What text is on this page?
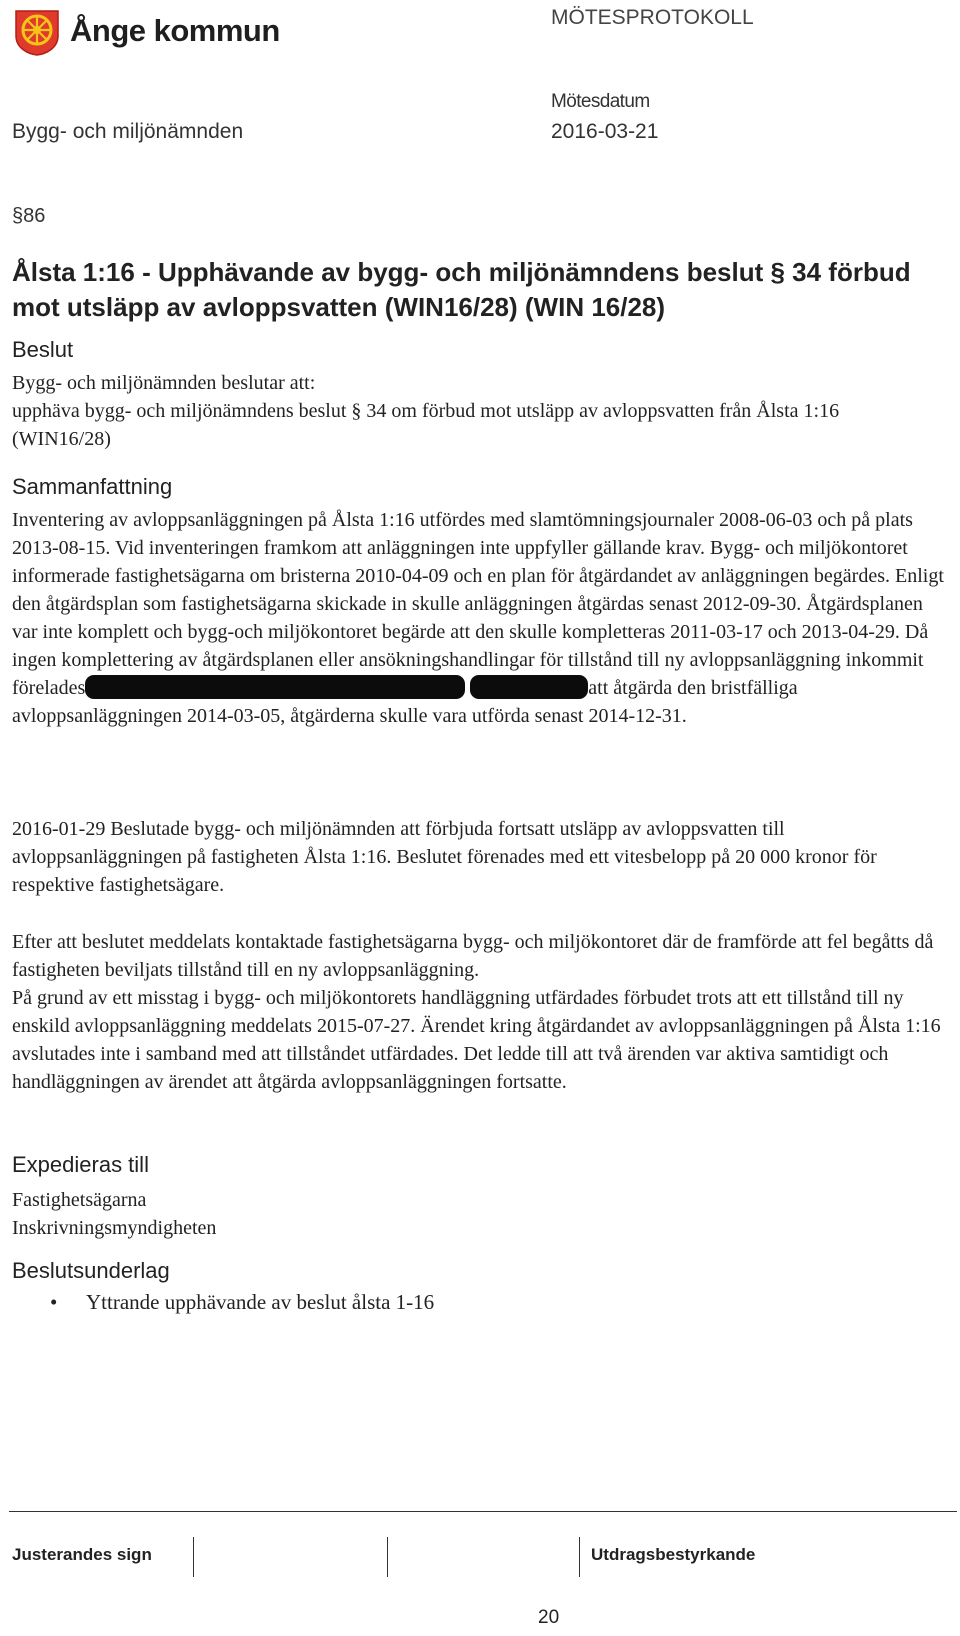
Ånge kommun	MÖTESPROTOKOLL
Mötesdatum
Bygg- och miljönämnden	2016-03-21
§86
Ålsta 1:16 - Upphävande av bygg- och miljönämndens beslut § 34 förbud mot utsläpp av avloppsvatten (WIN16/28) (WIN 16/28)
Beslut

Bygg- och miljönämnden beslutar att:

upphäva bygg- och miljönämndens beslut § 34 om förbud mot utsläpp av avloppsvatten från Ålsta 1:16 (WIN16/28)

Sammanfattning

Inventering av avloppsanläggningen på Ålsta 1:16 utfördes med slamtömningsjournaler 2008-06-03 och på plats 2013-08-15. Vid inventeringen framkom att anläggningen inte uppfyller gällande krav. Bygg- och miljökontoret informerade fastighetsägarna om bristerna 2010-04-09 och en plan för åtgärdandet av anläggningen begärdes. Enligt den åtgärdsplan som fastighetsägarna skickade in skulle anläggningen åtgärdas senast 2012-09-30. Åtgärdsplanen var inte komplett och bygg-och miljökontoret begärde att den skulle kompletteras 2011-03-17 och 2013-04-29. Då ingen komplettering av åtgärdsplanen eller ansökningshandlingar för tillstånd till ny avloppsanläggning inkommit förelades	att åtgärda den bristfälliga avloppsanläggningen 2014-03-05, åtgärderna skulle vara utförda senast 2014-12-31.

2016-01-29 Beslutade bygg- och miljönämnden att förbjuda fortsatt utsläpp av avloppsvatten till avloppsanläggningen på fastigheten Ålsta 1:16. Beslutet förenades med ett vitesbelopp på 20 000 kronor för respektive fastighetsägare.

Efter att beslutet meddelats kontaktade fastighetsägarna bygg- och miljökontoret där de framförde att fel begåtts då fastigheten beviljats tillstånd till en ny avloppsanläggning.

På grund av ett misstag i bygg- och miljökontorets handläggning utfärdades förbudet trots att ett tillstånd till ny enskild avloppsanläggning meddelats 2015-07-27. Ärendet kring åtgärdandet av avloppsanläggningen på Ålsta 1:16 avslutades inte i samband med att tillståndet utfärdades. Det ledde till att två ärenden var aktiva samtidigt och handläggningen av ärendet att åtgärda avloppsanläggningen fortsatte.

Expedieras till
Fastighetsägarna
Inskrivningsmyndigheten
Beslutsunderlag
•	Yttrande upphävande av beslut ålsta 1-16
Justerandes sign	Utdragsbestyrkande
20
